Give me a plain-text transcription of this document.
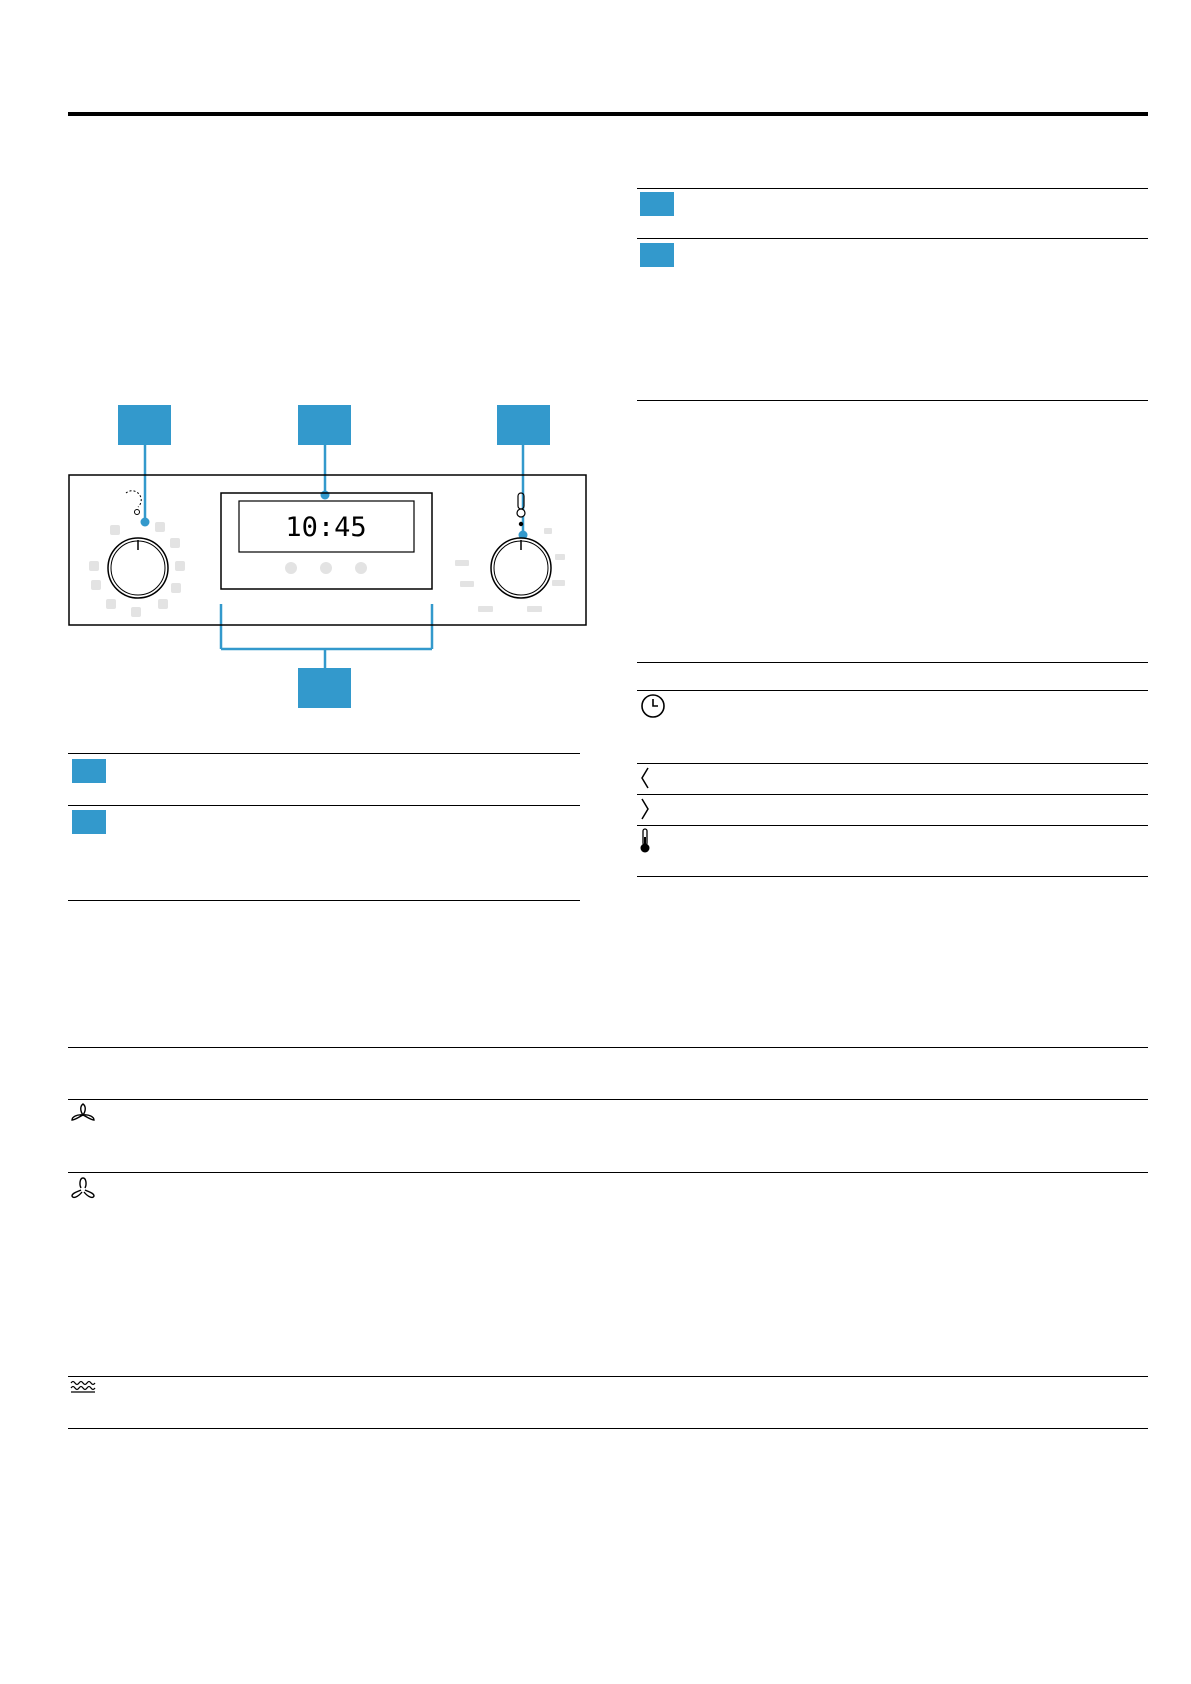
10:45
